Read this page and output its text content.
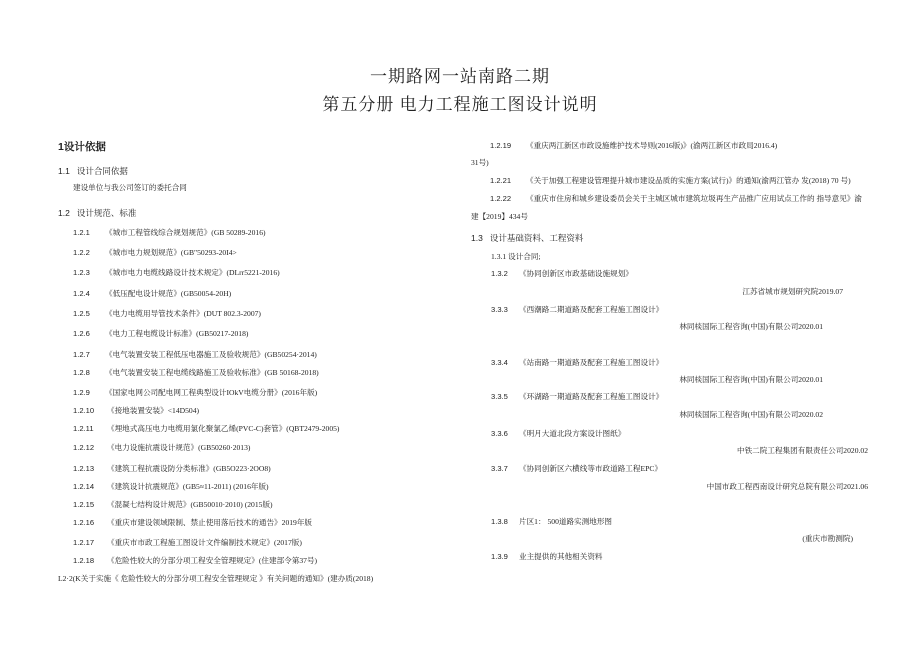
一期路网一站南路二期
第五分册 电力工程施工图设计说明
1设计依据
1.1 设计合同依据
建设单位与我公司签订的委托合同
1.2 设计规范、标准
1.2.1 《城市工程管线综合规划规范》(GB 50289-2016)
1.2.2 《城市电力规划规范》(GB"50293-20I4>
1.2.3 《城市电力电缆线路设计技术规定》(DLrr5221-2016)
1.2.4 《低压配电设计规范》(GB50054-20H)
1.2.5 《电力电缆用导管技术条件》(DUT 802.3-2007)
1.2.6 《电力工程电缆设计标准》(GB50217-2018)
1.2.7 《电气装置安装工程低压电器施工及验收规范》(GB50254·2014)
1.2.8 《电气装置安装工程电缆线路施工及验收标准》(GB 50168-2018)
1.2.9 《国家电网公司配电网工程典型设计IOkV电缆分册》(2016年版)
1.2.10 《接地装置安装》<14D504)
1.2.11 《埋地式高压电力电缆用氯化聚氯乙烯(PVC-C)套管》(QBT2479-2005)
1.2.12 《电力设施抗震设计规范》(GB50260·2013)
1.2.13 《建筑工程抗震设防分类标准》(GB5O223·2OO8)
1.2.14 《建筑设计抗震规范》(GB5≈11-2011) (2016年版)
1.2.15 《混凝七结构设计规范》(GB50010·2010) (2015版)
1.2.16 《重庆市建设领域限制、禁止使用落后技术的通告》2019年版
1.2.17 《重庆市市政工程施工图设计文件编制技术规定》(2017版)
1.2.18 《危险性较大的分部分项工程安全管理规定》(住建部令第37号)
L2·2(K关于实施《 危险性较大的分部分项工程安全管理规定 》有关问题的通知》(建办质(2018)
1.2.19 《重庆两江新区市政设施维护技术导则(2016版)》(渝两江新区市政局2016.4)
31号)
1.2.21 《关于加强工程建设管理提升城市建设品质的实施方案(试行)》的通知(渝两江管办 发(2018) 70 号)
1.2.22 《重庆市住房和城乡建设委员会关于主城区城市建筑垃圾再生产品推广应用试点工作的 指导意见》渝
建【2019】434号
1.3 设计基础资料、工程资料
1.3.1 设计合同;
1.3.2 《协同创新区市政基础设施规划》
江苏省城市规划研究院2019.07
3.3.3 《西潮路二期道路及配套工程施工图设计》
林同棪国际工程咨询(中国)有限公司2020.01
3.3.4 《站南路一期道路及配套工程施工图设计》
林同棪国际工程咨询(中国)有限公司2020.01
3.3.5 《环湖路一期道路及配套工程施工图设计》
林同棪国际工程咨询(中国)有限公司2020.02
3.3.6 《明月大道北段方案设计图纸》
中铁二院工程集团有限责任公司2020.02
3.3.7 《协同创新区六横线等市政道路工程EPC》
中国市政工程西南设计研究总院有限公司2021.06
1.3.8 片区1： 500道路实测地形图
(重庆市勘测院)
1.3.9 业主提供的其他相关资料
